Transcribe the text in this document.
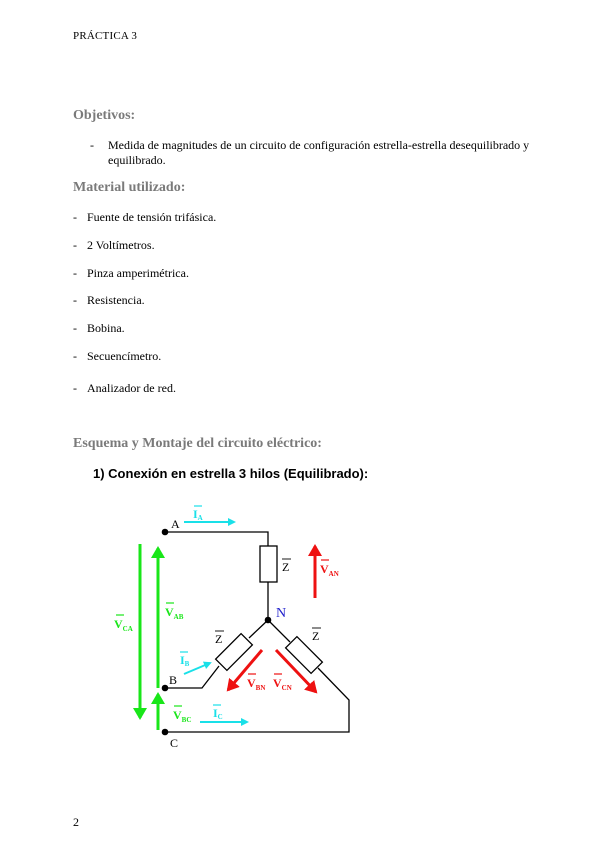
PRÁCTICA 3
Objetivos:
- Medida de magnitudes de un circuito de configuración estrella-estrella desequilibrado y equilibrado.
Material utilizado:
- Fuente de tensión trifásica.
- 2 Voltímetros.
- Pinza amperimétrica.
- Resistencia.
- Bobina.
- Secuencímetro.
- Analizador de red.
Esquema y Montaje del circuito eléctrico:
1) Conexión en estrella 3 hilos (Equilibrado):
A
B
C
N
Z
Z	Z
IA
IB
IC
$V_{CA}$
$V_{AB}$
$V_{BC}$
$V_{AN}$
$V_{BN}$ $V_{CN}$
2
